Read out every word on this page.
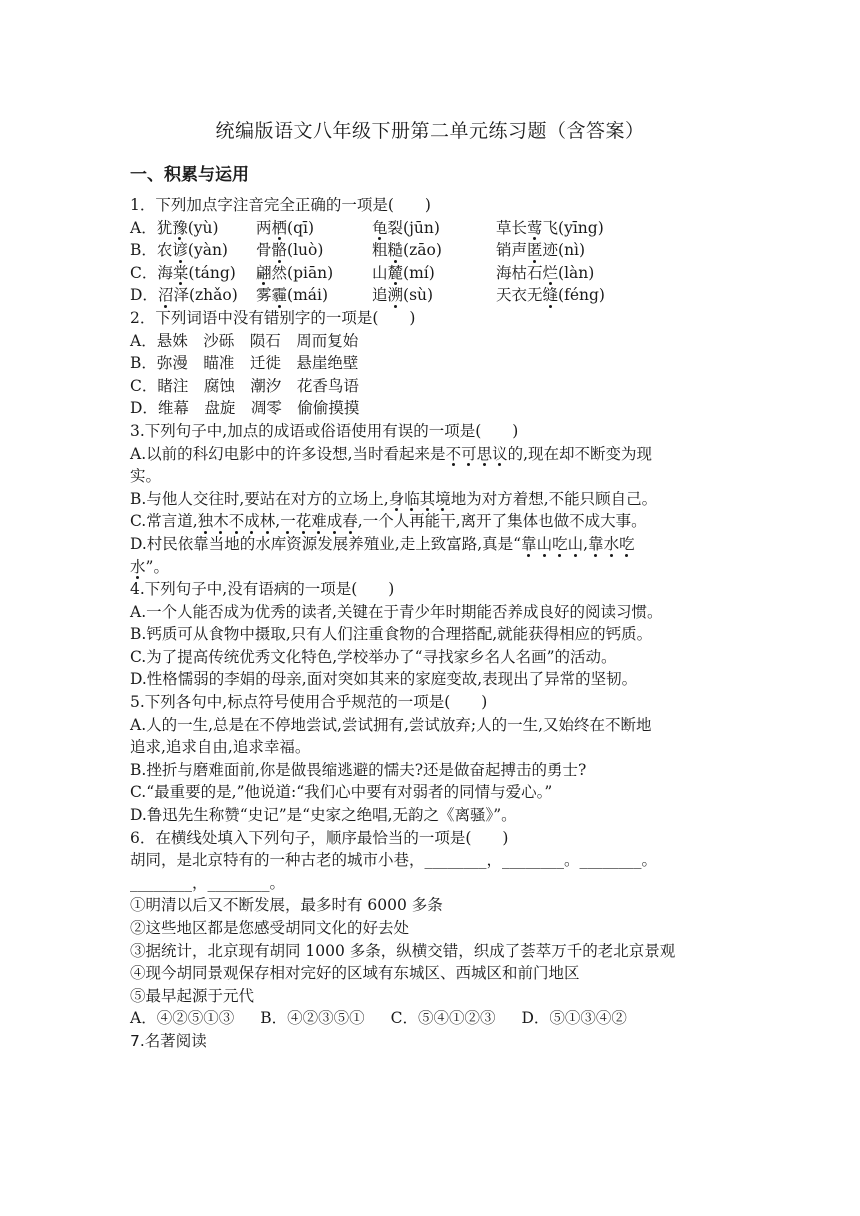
统编版语文八年级下册第二单元练习题（含答案）
一、积累与运用
1．下列加点字注音完全正确的一项是(　　)
A．犹豫(yù) 两栖(qī)	龟裂(jūn)	草长莺飞(yīng)
B．农谚(yàn) 骨骼(luò)	粗糙(zāo)	销声匿迹(nì)
C．海棠(táng) 翩然(piān)	山麓(mí)	海枯石烂(làn)
D．沼泽(zhǎo) 雾霾(mái)	追溯(sù)	天衣无缝(féng)
2．下列词语中没有错别字的一项是(　　)
A．悬姝　沙砾　陨石　周而复始
B．弥漫　瞄准　迁徙　悬崖绝壁
C．睹注　腐蚀　潮汐　花香鸟语
D．维幕　盘旋　凋零　偷偷摸摸
3.下列句子中,加点的成语或俗语使用有误的一项是(　　)
A.以前的科幻电影中的许多设想,当时看起来是不可思议的,现在却不断变为现
实。
B.与他人交往时,要站在对方的立场上,身临其境地为对方着想,不能只顾自己。
C.常言道,独木不成林,一花难成春,一个人再能干,离开了集体也做不成大事。
D.村民依靠当地的水库资源发展养殖业,走上致富路,真是“靠山吃山,靠水吃
水”。
4.下列句子中,没有语病的一项是(　　)
A.一个人能否成为优秀的读者,关键在于青少年时期能否养成良好的阅读习惯。
B.钙质可从食物中摄取,只有人们注重食物的合理搭配,就能获得相应的钙质。
C.为了提高传统优秀文化特色,学校举办了“寻找家乡名人名画”的活动。
D.性格懦弱的李娟的母亲,面对突如其来的家庭变故,表现出了异常的坚韧。
5.下列各句中,标点符号使用合乎规范的一项是(　　)
A.人的一生,总是在不停地尝试,尝试拥有,尝试放弃;人的一生,又始终在不断地
追求,追求自由,追求幸福。
B.挫折与磨难面前,你是做畏缩逃避的懦夫?还是做奋起搏击的勇士?
C.“最重要的是,”他说道:“我们心中要有对弱者的同情与爱心。”
D.鲁迅先生称赞“史记”是“史家之绝唱,无韵之《离骚》”。
6．在横线处填入下列句子，顺序最恰当的一项是(　　)
胡同，是北京特有的一种古老的城市小巷，________，________。________。
________，________。
①明清以后又不断发展，最多时有 6000 多条
②这些地区都是您感受胡同文化的好去处
③据统计，北京现有胡同 1000 多条，纵横交错，织成了荟萃万千的老北京景观
④现今胡同景观保存相对完好的区域有东城区、西城区和前门地区
⑤最早起源于元代
A．④②⑤①③ B．④②③⑤① C．⑤④①②③ D．⑤①③④②
7.名著阅读
